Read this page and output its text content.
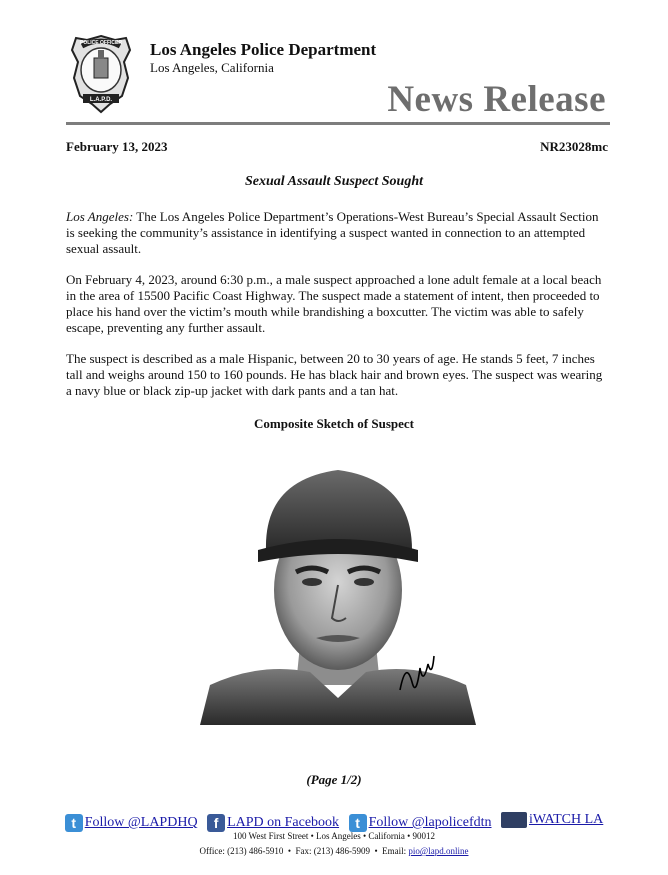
POLICE OFFICER
L.A.P.D.
Los Angeles Police Department
Los Angeles, California
News Release
February 13, 2023	NR23028mc
Sexual Assault Suspect Sought
Los Angeles: The Los Angeles Police Department’s Operations-West Bureau’s Special Assault Section is seeking the community’s assistance in identifying a suspect wanted in connection to an attempted sexual assault.
On February 4, 2023, around 6:30 p.m., a male suspect approached a lone adult female at a local beach in the area of 15500 Pacific Coast Highway. The suspect made a statement of intent, then proceeded to place his hand over the victim’s mouth while brandishing a boxcutter. The victim was able to safely escape, preventing any further assault.
The suspect is described as a male Hispanic, between 20 to 30 years of age. He stands 5 feet, 7 inches tall and weighs around 150 to 160 pounds. He has black hair and brown eyes. The suspect was wearing a navy blue or black zip-up jacket with dark pants and a tan hat.
Composite Sketch of Suspect
(Page 1/2)
t Follow @LAPDHQ
	f LAPD on Facebook
	t Follow @lapolicefdtn
	iWATCH LA
100 West First Street • Los Angeles • California • 90012
Office: (213) 486-5910  •  Fax: (213) 486-5909  •  Email: pio@lapd.online
